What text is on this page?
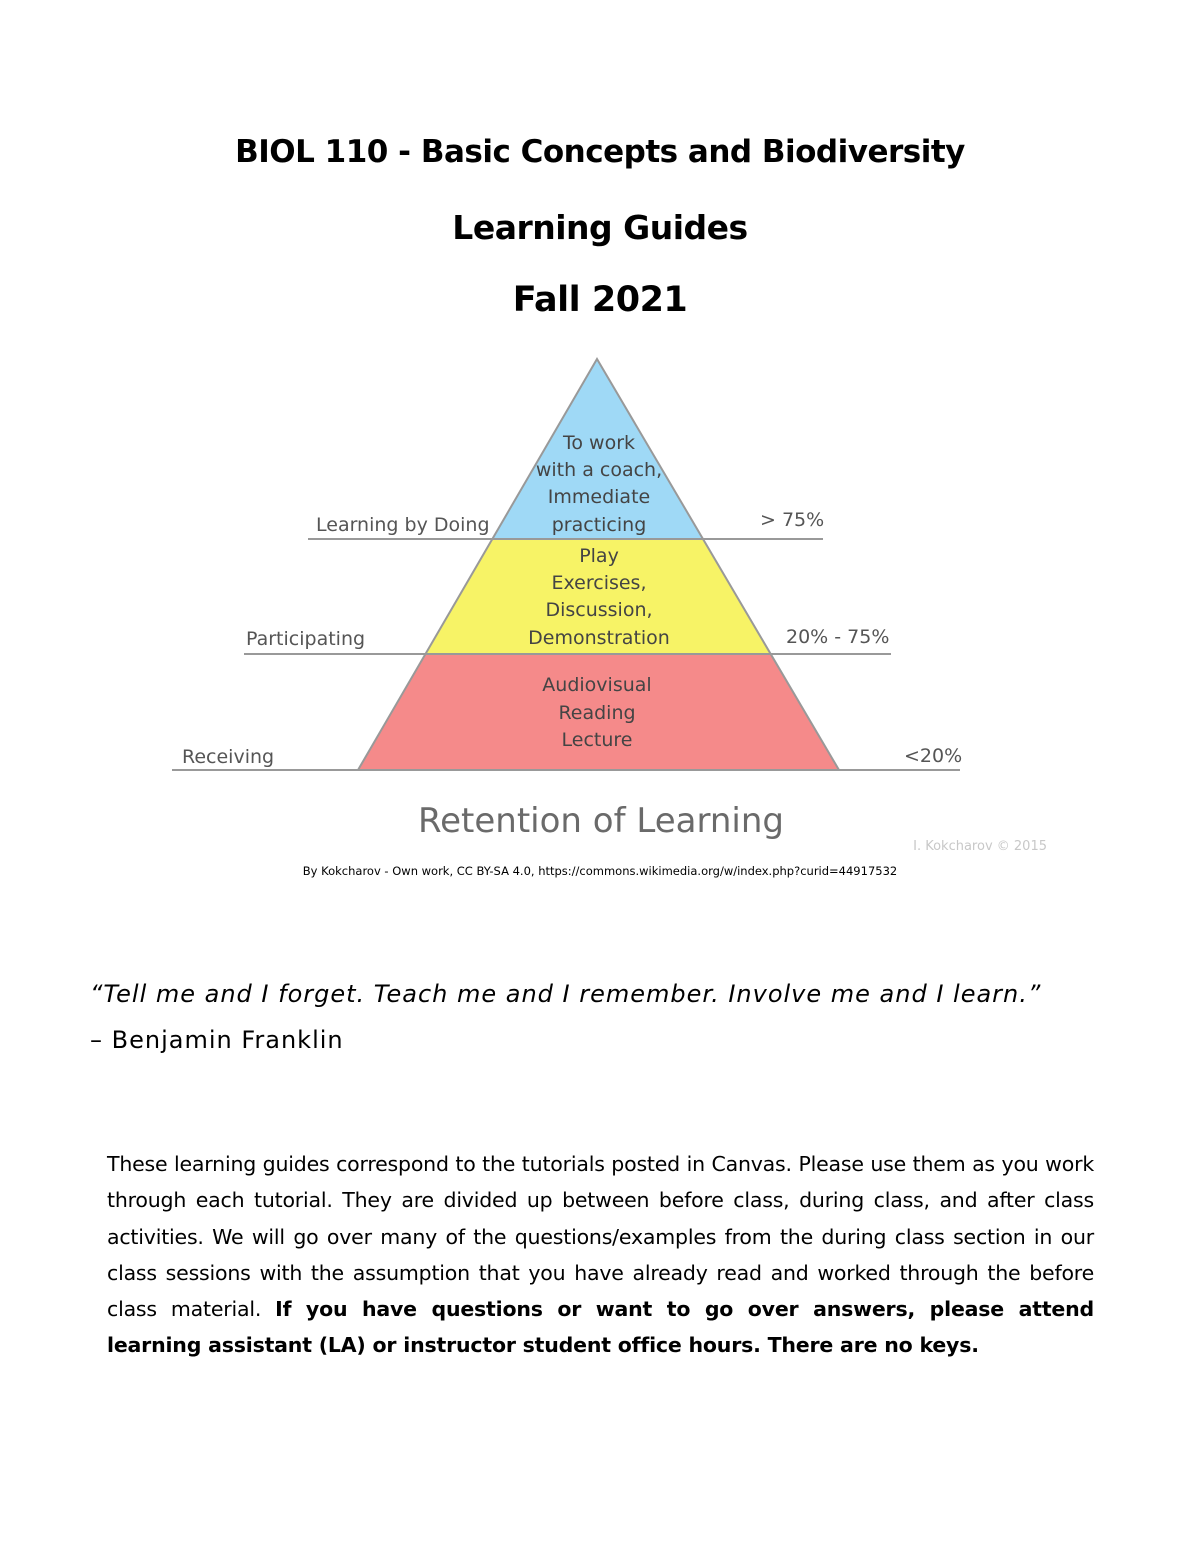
BIOL 110 - Basic Concepts and Biodiversity
Learning Guides
Fall 2021
Learning by Doing
Participating
Receiving
> 75%
20% - 75%
<20%
To work
with a coach,
Immediate
practicing
Play
Exercises,
Discussion,
Demonstration
Audiovisual
Reading
Lecture
Retention of Learning
I. Kokcharov © 2015
By Kokcharov - Own work, CC BY-SA 4.0, https://commons.wikimedia.org/w/index.php?curid=44917532
“Tell me and I forget. Teach me and I remember. Involve me and I learn.”
– Benjamin Franklin

These learning guides correspond to the tutorials posted in Canvas. Please use them as you work through each tutorial. They are divided up between before class, during class, and after class activities. We will go over many of the questions/examples from the during class section in our class sessions with the assumption that you have already read and worked through the before class material. If you have questions or want to go over answers, please attend learning assistant (LA) or instructor student office hours. There are no keys.
